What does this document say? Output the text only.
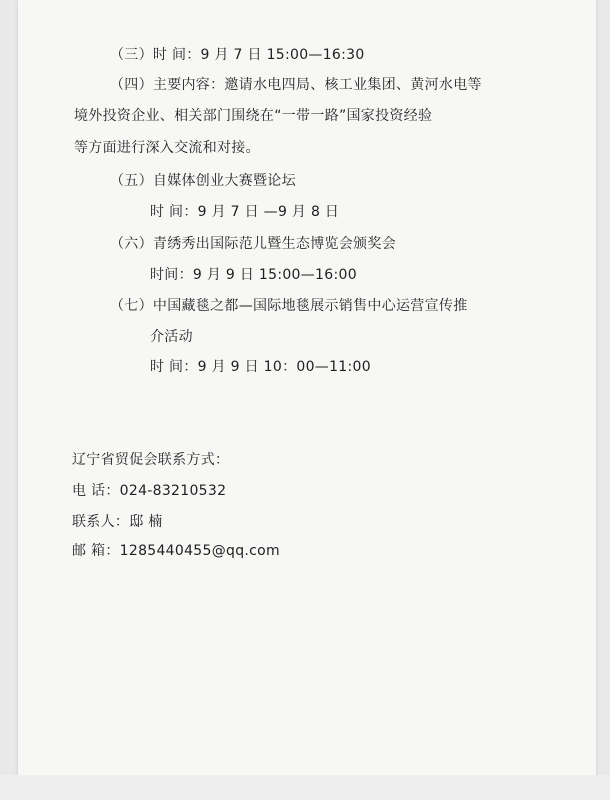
（三）时 间：9 月 7 日 15:00—16:30
（四）主要内容：邀请水电四局、核工业集团、黄河水电等
境外投资企业、相关部门围绕在“一带一路”国家投资经验
等方面进行深入交流和对接。
（五）自媒体创业大赛暨论坛
时 间：9 月 7 日 —9 月 8 日
（六）青绣秀出国际范儿暨生态博览会颁奖会
时间：9 月 9 日 15:00—16:00
（七）中国藏毯之都—国际地毯展示销售中心运营宣传推
介活动
时 间：9 月 9 日 10：00—11:00
辽宁省贸促会联系方式：
电 话：024-83210532
联系人：邸 楠
邮 箱：1285440455@qq.com
